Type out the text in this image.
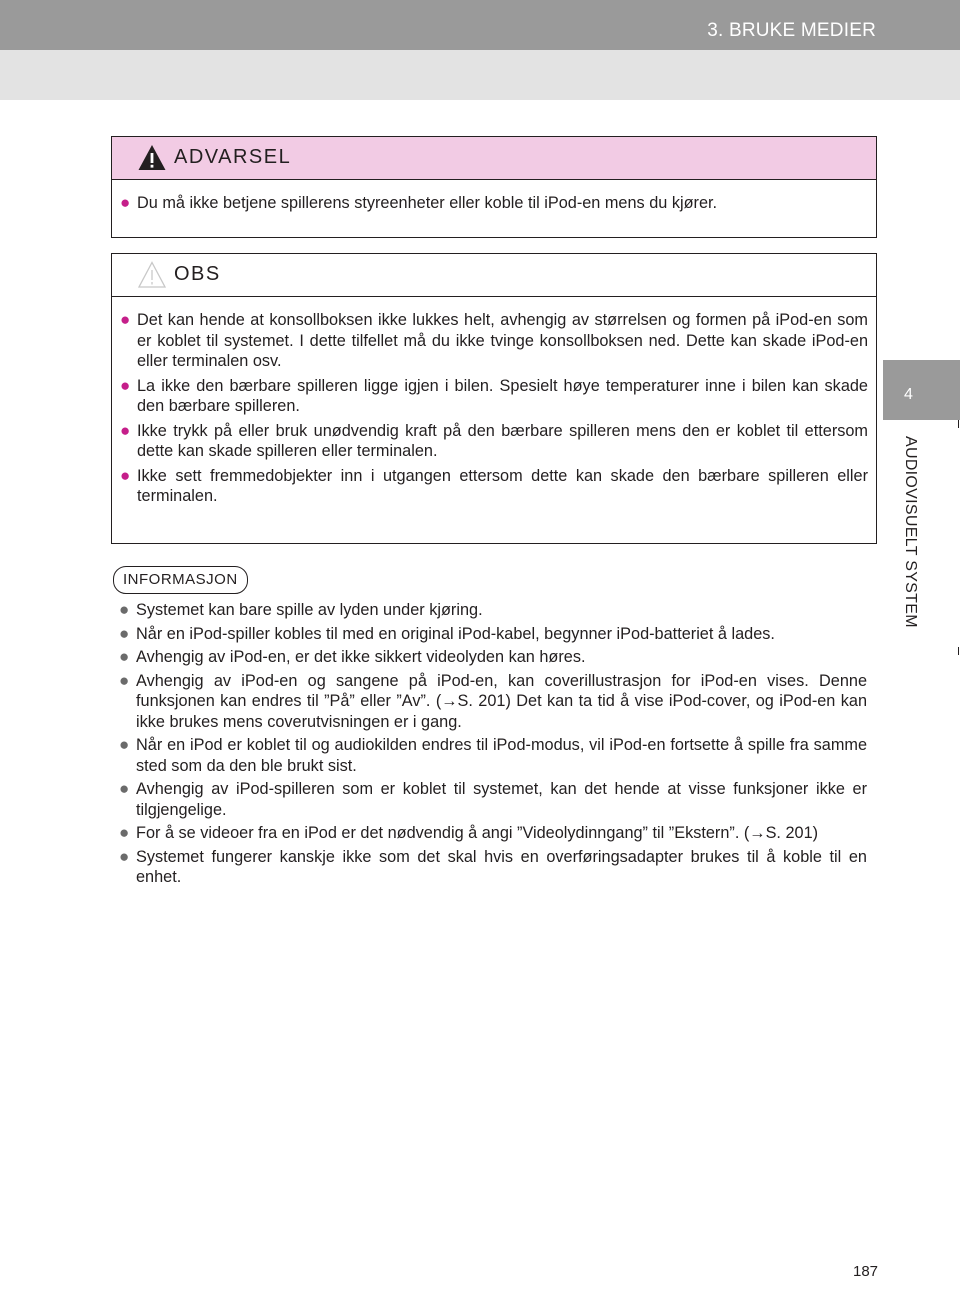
3. BRUKE MEDIER
4
AUDIOVISUELT SYSTEM
ADVARSEL
● Du må ikke betjene spillerens styreenheter eller koble til iPod-en mens du kjører.
OBS
● Det kan hende at konsollboksen ikke lukkes helt, avhengig av størrelsen og formen på iPod-en som er koblet til systemet. I dette tilfellet må du ikke tvinge konsollboksen ned. Dette kan skade iPod-en eller terminalen osv.
● La ikke den bærbare spilleren ligge igjen i bilen. Spesielt høye temperaturer inne i bilen kan skade den bærbare spilleren.
● Ikke trykk på eller bruk unødvendig kraft på den bærbare spilleren mens den er koblet til ettersom dette kan skade spilleren eller terminalen.
● Ikke sett fremmedobjekter inn i utgangen ettersom dette kan skade den bærbare spilleren eller terminalen.
INFORMASJON
● Systemet kan bare spille av lyden under kjøring.
● Når en iPod-spiller kobles til med en original iPod-kabel, begynner iPod-batteriet å lades.
● Avhengig av iPod-en, er det ikke sikkert videolyden kan høres.
● Avhengig av iPod-en og sangene på iPod-en, kan coverillustrasjon for iPod-en vises. Denne funksjonen kan endres til ”På” eller ”Av”. (→S. 201) Det kan ta tid å vise iPod-cover, og iPod-en kan ikke brukes mens coverutvisningen er i gang.
● Når en iPod er koblet til og audiokilden endres til iPod-modus, vil iPod-en fortsette å spille fra samme sted som da den ble brukt sist.
● Avhengig av iPod-spilleren som er koblet til systemet, kan det hende at visse funksjoner ikke er tilgjengelige.
● For å se videoer fra en iPod er det nødvendig å angi ”Videolydinngang” til ”Ekstern”. (→S. 201)
● Systemet fungerer kanskje ikke som det skal hvis en overføringsadapter brukes til å koble til en enhet.
187
